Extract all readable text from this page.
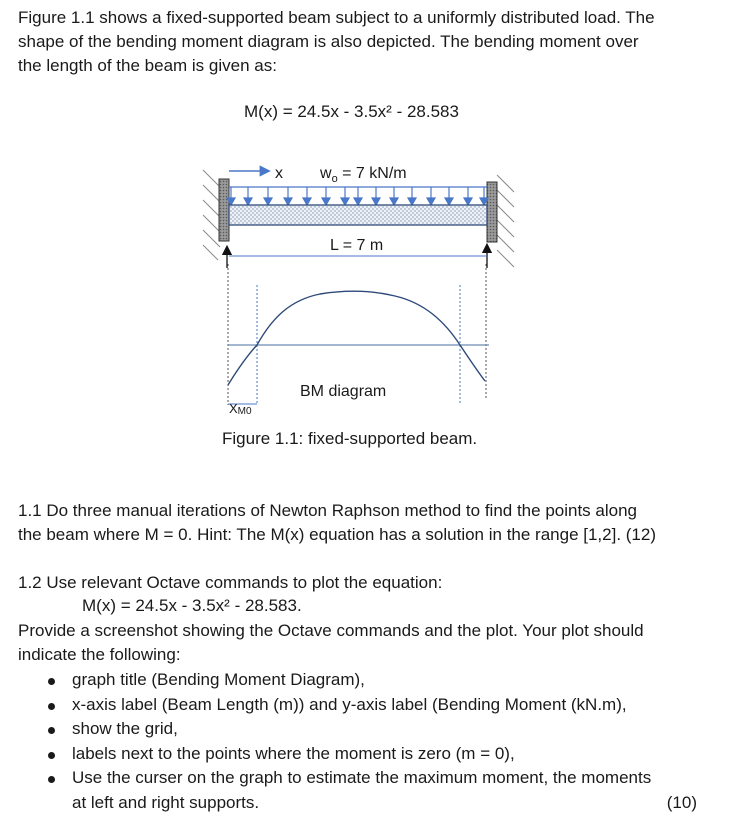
Figure 1.1 shows a fixed-supported beam subject to a uniformly distributed load. The
shape of the bending moment diagram is also depicted. The bending moment over
the length of the beam is given as:
M(x) = 24.5x - 3.5x² - 28.583
x $w_o = 7$ kN/m
L = 7 m
XM0
BM diagram
Figure 1.1: fixed-supported beam.
1.1 Do three manual iterations of Newton Raphson method to find the points along
the beam where M = 0. Hint: The M(x) equation has a solution in the range [1,2]. (12)
1.2 Use relevant Octave commands to plot the equation:
M(x) = 24.5x - 3.5x² - 28.583.
Provide a screenshot showing the Octave commands and the plot. Your plot should
indicate the following:
graph title (Bending Moment Diagram),
x-axis label (Beam Length (m)) and y-axis label (Bending Moment (kN.m),
show the grid,
labels next to the points where the moment is zero (m = 0),
Use the curser on the graph to estimate the maximum moment, the moments
at left and right supports.	(10)
